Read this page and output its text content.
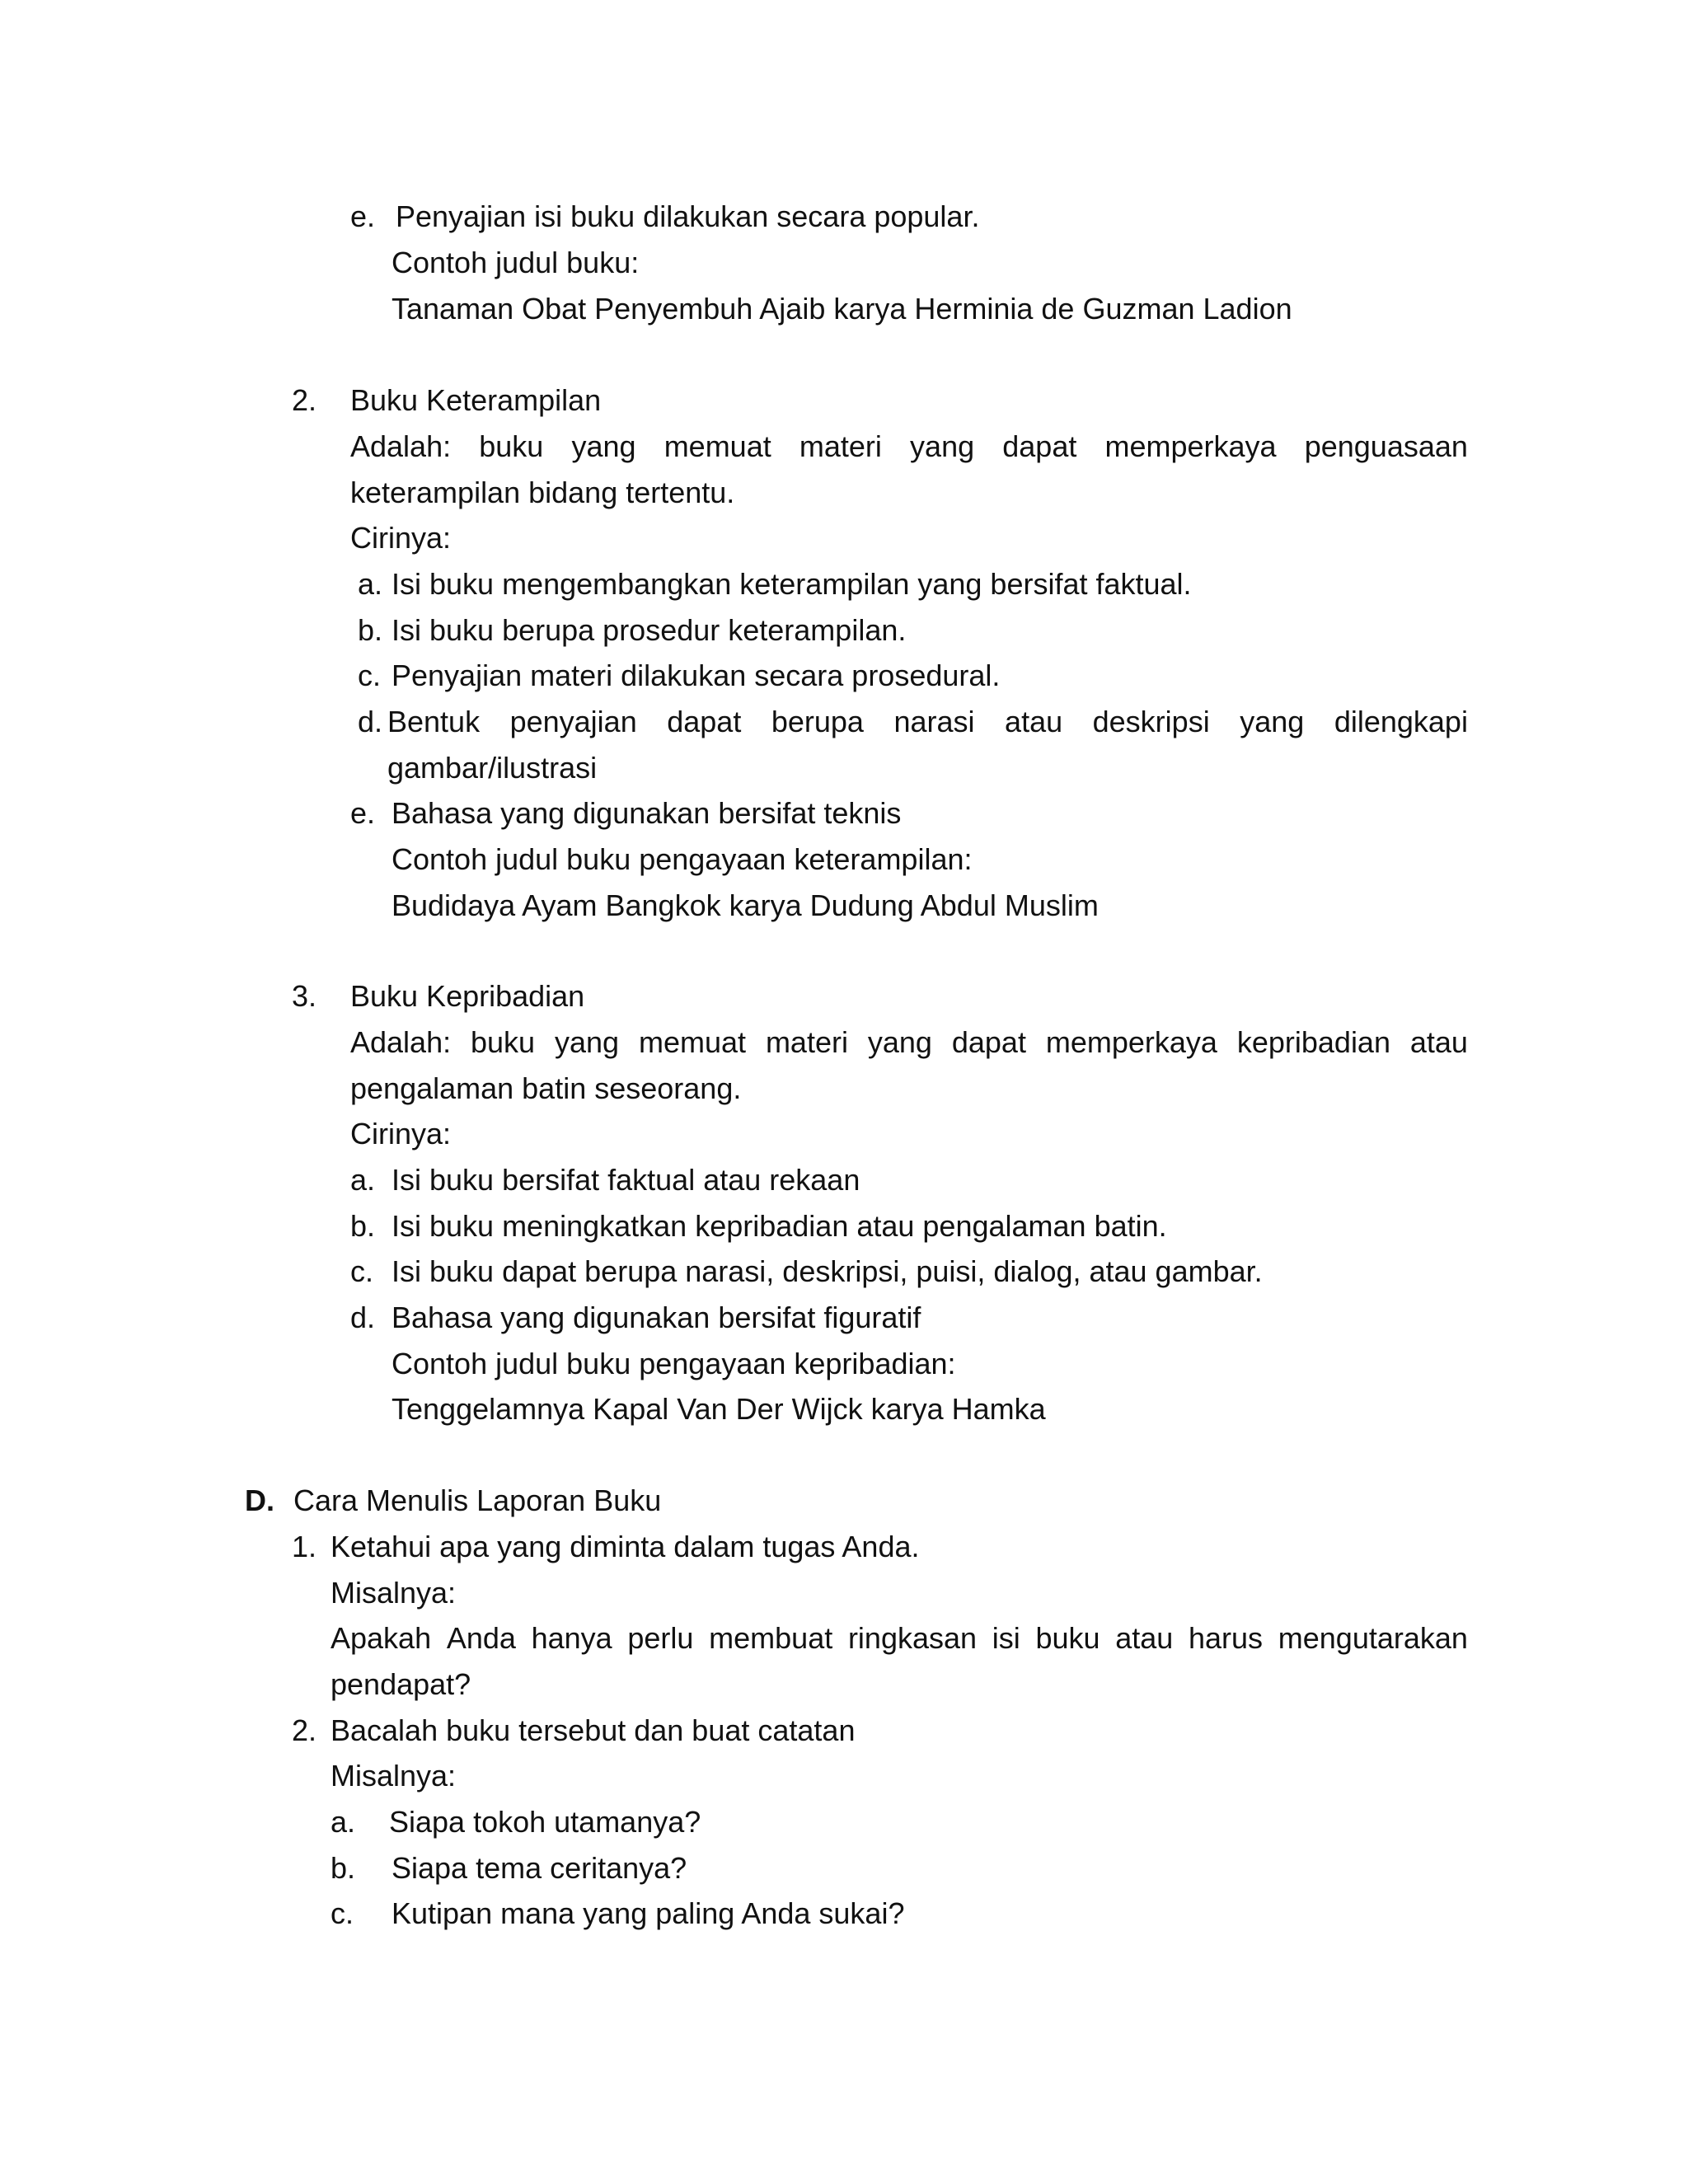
e. Penyajian isi buku dilakukan secara popular.
Contoh judul buku:
Tanaman Obat Penyembuh Ajaib karya Herminia de Guzman Ladion
2. Buku Keterampilan
Adalah: buku yang memuat materi yang dapat memperkaya penguasaan
keterampilan bidang tertentu.
Cirinya:
a. Isi buku mengembangkan keterampilan yang bersifat faktual.
b. Isi buku berupa prosedur keterampilan.
c. Penyajian materi dilakukan secara prosedural.
d. Bentuk penyajian dapat berupa narasi atau deskripsi yang dilengkapi
gambar/ilustrasi
e. Bahasa yang digunakan bersifat teknis
Contoh judul buku pengayaan keterampilan:
Budidaya Ayam Bangkok karya Dudung Abdul Muslim
3. Buku Kepribadian
Adalah: buku yang memuat materi yang dapat memperkaya kepribadian atau
pengalaman batin seseorang.
Cirinya:
a. Isi buku bersifat faktual atau rekaan
b. Isi buku meningkatkan kepribadian atau pengalaman batin.
c. Isi buku dapat berupa narasi, deskripsi, puisi, dialog, atau gambar.
d. Bahasa yang digunakan bersifat figuratif
Contoh judul buku pengayaan kepribadian:
Tenggelamnya Kapal Van Der Wijck karya Hamka
D. Cara Menulis Laporan Buku
1. Ketahui apa yang diminta dalam tugas Anda.
Misalnya:
Apakah Anda hanya perlu membuat ringkasan isi buku atau harus mengutarakan
pendapat?
2. Bacalah buku tersebut dan buat catatan
Misalnya:
a. Siapa tokoh utamanya?
b. Siapa tema ceritanya?
c. Kutipan mana yang paling Anda sukai?
